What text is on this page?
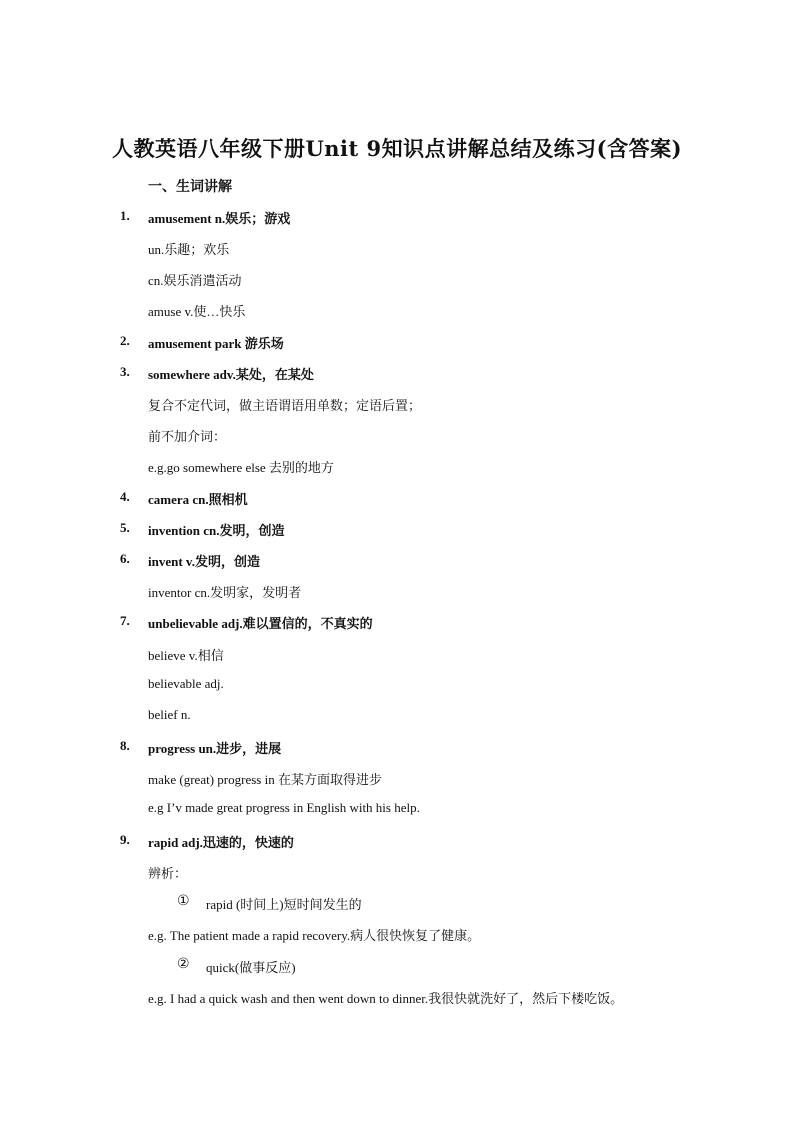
人教英语八年级下册Unit 9知识点讲解总结及练习(含答案)
一、生词讲解
1. amusement n.娱乐；游戏
un.乐趣；欢乐
cn.娱乐消遣活动
amuse v.使…快乐
2. amusement park 游乐场
3. somewhere adv.某处，在某处
复合不定代词，做主语谓语用单数；定语后置；
前不加介词：
e.g.go somewhere else 去别的地方
4. camera cn.照相机
5. invention cn.发明，创造
6. invent v.发明，创造
inventor cn.发明家，发明者
7. unbelievable adj.难以置信的，不真实的
believe v.相信
believable adj.
belief n.
8. progress un.进步，进展
make (great) progress in 在某方面取得进步
e.g I’v made great progress in English with his help.
9. rapid adj.迅速的，快速的
辨析：
① rapid (时间上)短时间发生的
e.g. The patient made a rapid recovery.病人很快恢复了健康。
② quick(做事反应)
e.g. I had a quick wash and then went down to dinner.我很快就洗好了，然后下楼吃饭。
